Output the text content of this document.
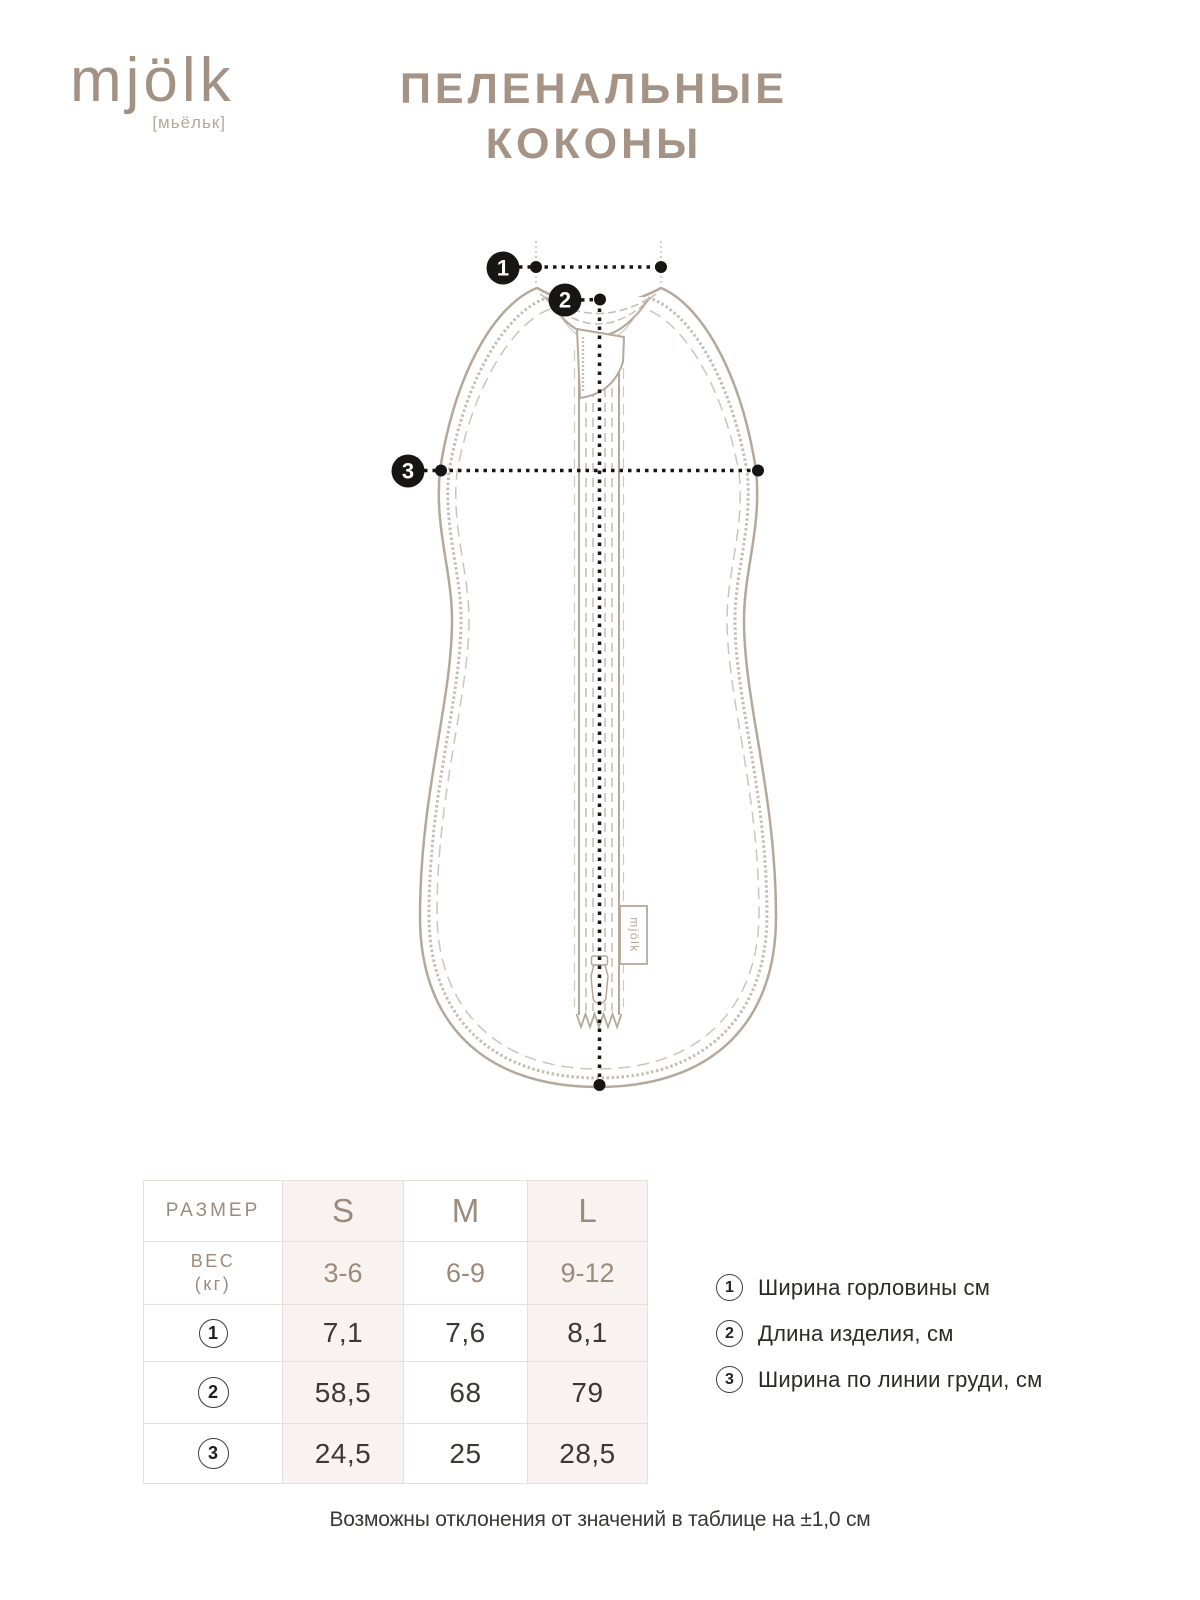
mjölk
[мьёльк]
ПЕЛЕНАЛЬНЫЕ
КОКОНЫ
mjölk
1
2
3
РАЗМЕР S	M	L
ВЕС
(кг)	3-6	6-9	9-12
1	7,1	7,6	8,1
2	58,5	68	79
3	24,5	25	28,5
1	Ширина горловины см
2	Длина изделия, см
3	Ширина по линии груди, см
Возможны отклонения от значений в таблице на ±1,0 см
